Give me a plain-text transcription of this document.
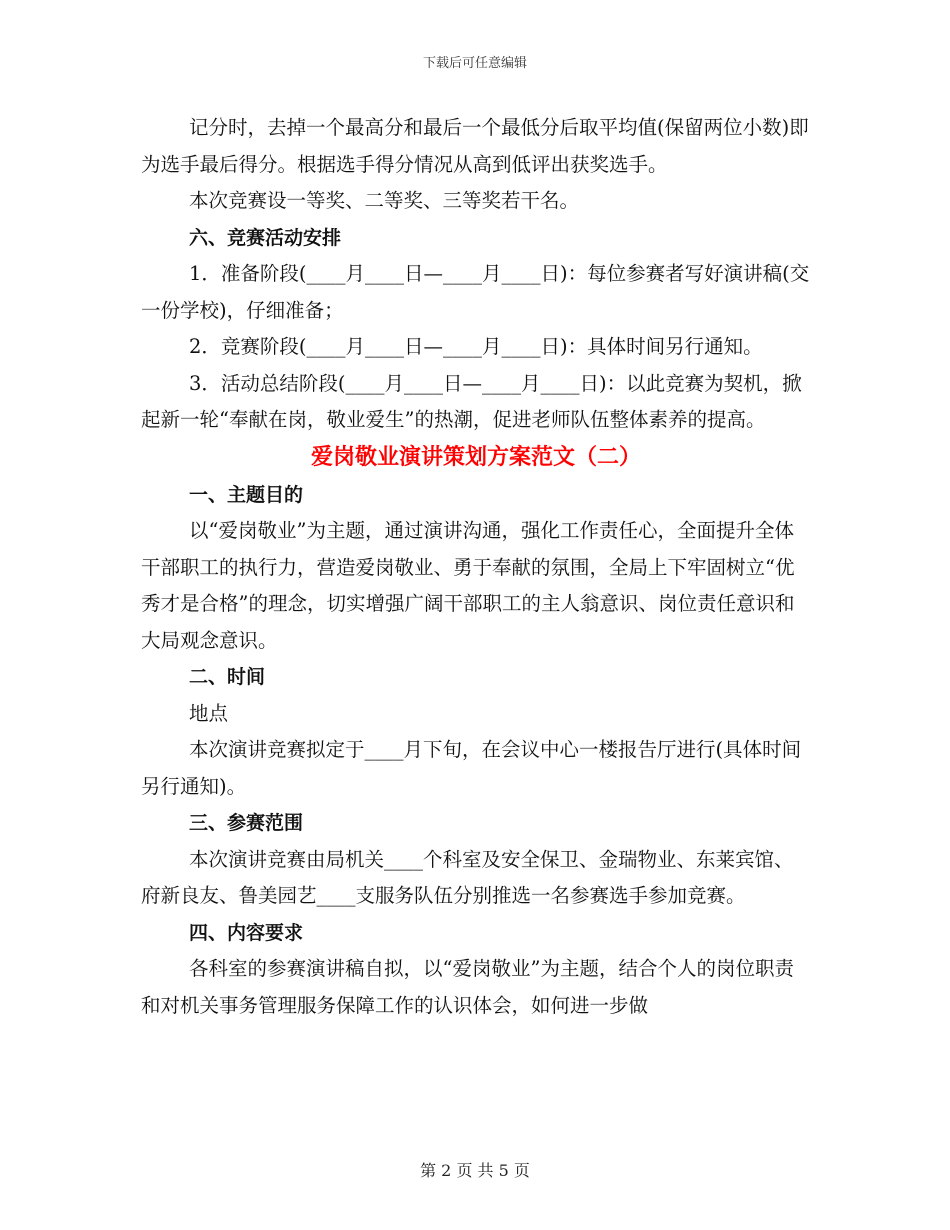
下载后可任意编辑

记分时，去掉一个最高分和最后一个最低分后取平均值(保留两位小数)即为选手最后得分。根据选手得分情况从高到低评出获奖选手。

本次竞赛设一等奖、二等奖、三等奖若干名。

六、竞赛活动安排

1．准备阶段(____月____日—____月____日)：每位参赛者写好演讲稿(交一份学校)，仔细准备；

2．竞赛阶段(____月____日—____月____日)：具体时间另行通知。

3．活动总结阶段(____月____日—____月____日)：以此竞赛为契机，掀起新一轮“奉献在岗，敬业爱生”的热潮，促进老师队伍整体素养的提高。

爱岗敬业演讲策划方案范文（二）

一、主题目的

以“爱岗敬业”为主题，通过演讲沟通，强化工作责任心，全面提升全体干部职工的执行力，营造爱岗敬业、勇于奉献的氛围，全局上下牢固树立“优秀才是合格”的理念，切实增强广阔干部职工的主人翁意识、岗位责任意识和大局观念意识。

二、时间

地点

本次演讲竞赛拟定于____月下旬，在会议中心一楼报告厅进行(具体时间另行通知)。

三、参赛范围

本次演讲竞赛由局机关____个科室及安全保卫、金瑞物业、东莱宾馆、府新良友、鲁美园艺____支服务队伍分别推选一名参赛选手参加竞赛。

四、内容要求

各科室的参赛演讲稿自拟，以“爱岗敬业”为主题，结合个人的岗位职责和对机关事务管理服务保障工作的认识体会，如何进一步做

第 2 页 共 5 页
